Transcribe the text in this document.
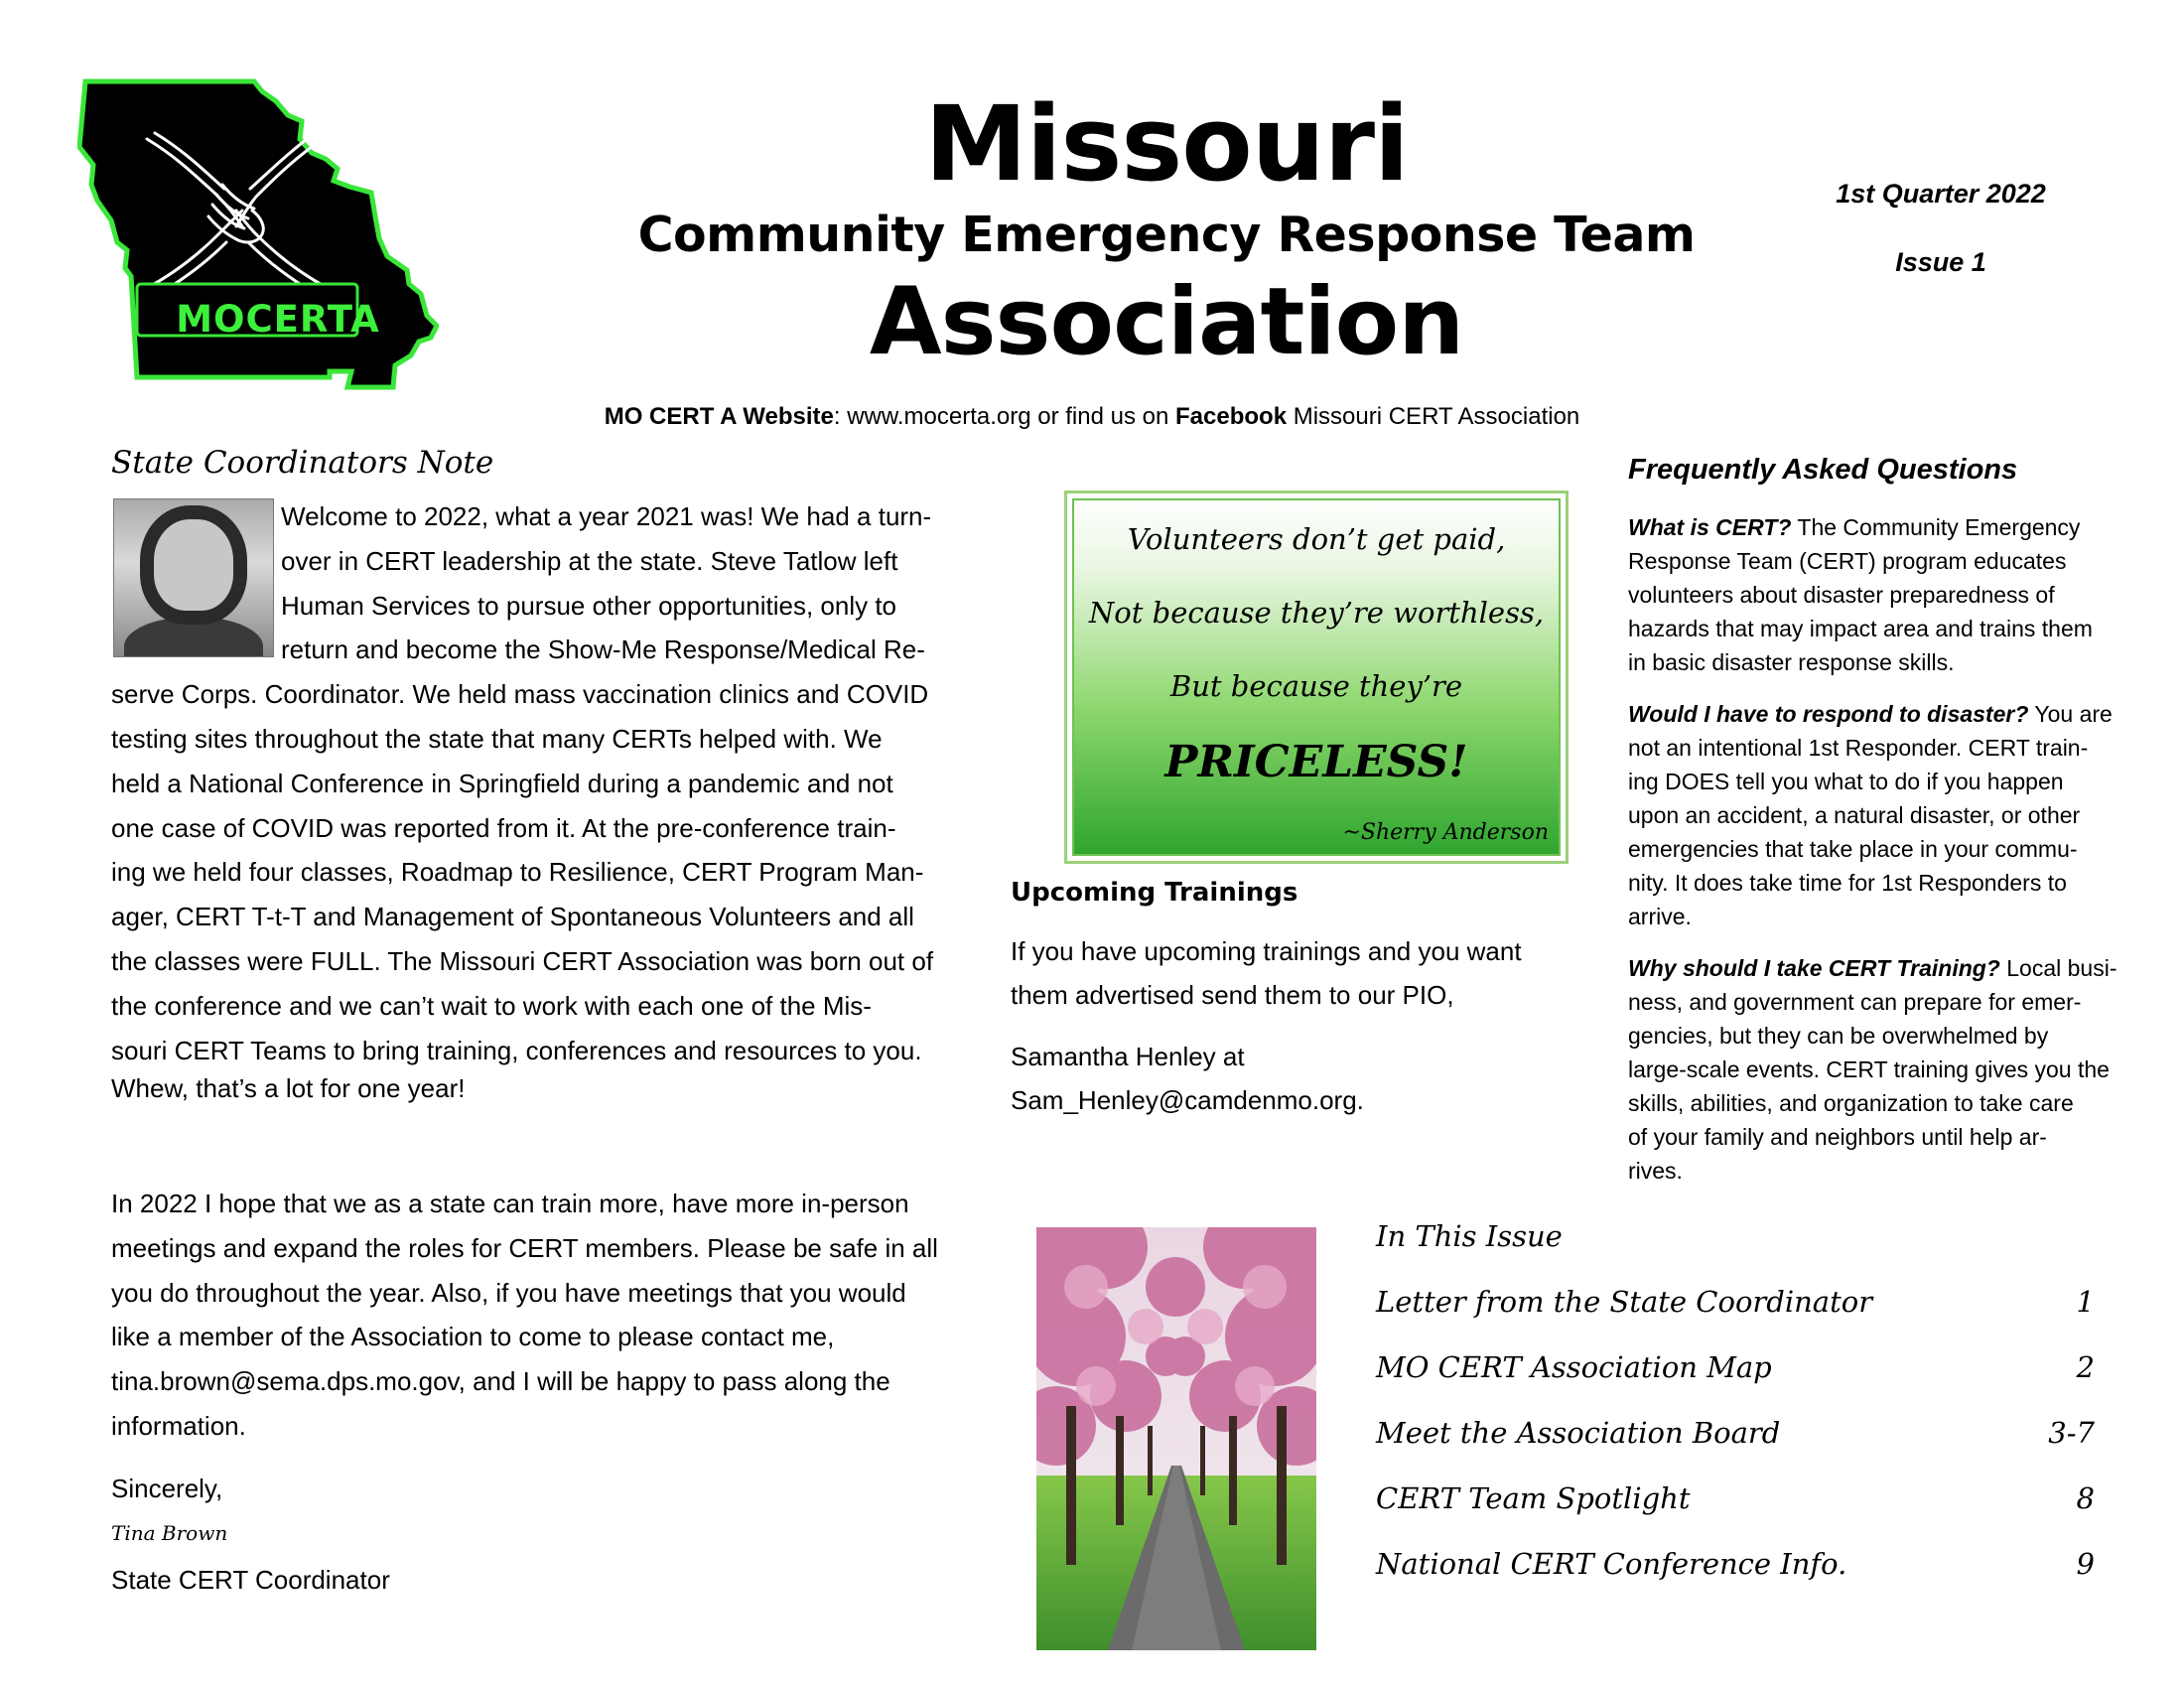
MOCERTA
Missouri
Community Emergency Response Team
Association
1st Quarter 2022
Issue 1
MO CERT A Website: www.mocerta.org or find us on Facebook Missouri CERT Association
State Coordinators Note
Welcome to 2022, what a year 2021 was! We had a turn-
over in CERT leadership at the state. Steve Tatlow left
Human Services to pursue other opportunities, only to
return and become the Show-Me Response/Medical Re-
serve Corps. Coordinator. We held mass vaccination clinics and COVID
testing sites throughout the state that many CERTs helped with. We
held a National Conference in Springfield during a pandemic and not
one case of COVID was reported from it. At the pre-conference train-
ing we held four classes, Roadmap to Resilience, CERT Program Man-
ager, CERT T-t-T and Management of Spontaneous Volunteers and all
the classes were FULL. The Missouri CERT Association was born out of
the conference and we can’t wait to work with each one of the Mis-
souri CERT Teams to bring training, conferences and resources to you.
Whew, that’s a lot for one year!
In 2022 I hope that we as a state can train more, have more in-person
meetings and expand the roles for CERT members. Please be safe in all
you do throughout the year. Also, if you have meetings that you would
like a member of the Association to come to please contact me,
tina.brown@sema.dps.mo.gov, and I will be happy to pass along the
information.
Sincerely,
Tina Brown
State CERT Coordinator
Volunteers don’t get paid,
Not because they’re worthless,
But because they’re
PRICELESS!
~Sherry Anderson
Upcoming Trainings
If you have upcoming trainings and you want
them advertised send them to our PIO,
Samantha Henley at
Sam_Henley@camdenmo.org.
Frequently Asked Questions
What is CERT? The Community Emergency
Response Team (CERT) program educates
volunteers about disaster preparedness of
hazards that may impact area and trains them
in basic disaster response skills.
Would I have to respond to disaster? You are
not an intentional 1st Responder. CERT train-
ing DOES tell you what to do if you happen
upon an accident, a natural disaster, or other
emergencies that take place in your commu-
nity. It does take time for 1st Responders to
arrive.
Why should I take CERT Training? Local busi-
ness, and government can prepare for emer-
gencies, but they can be overwhelmed by
large-scale events. CERT training gives you the
skills, abilities, and organization to take care
of your family and neighbors until help ar-
rives.
In This Issue
Letter from the State Coordinator	1
MO CERT Association Map	2
Meet the Association Board	3-7
CERT Team Spotlight	8
National CERT Conference Info.	9
